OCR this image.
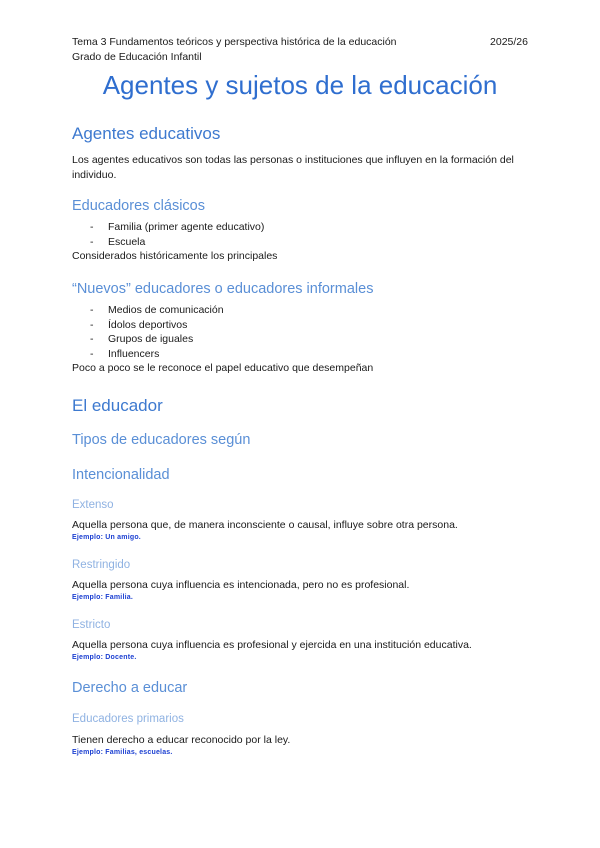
Tema 3 Fundamentos teóricos y perspectiva histórica de la educación
Grado de Educación Infantil
2025/26
Agentes y sujetos de la educación
Agentes educativos

Los agentes educativos son todas las personas o instituciones que influyen en la formación del individuo.

Educadores clásicos
- Familia (primer agente educativo)
- Escuela

Considerados históricamente los principales

“Nuevos” educadores o educadores informales
- Medios de comunicación
- Ídolos deportivos
- Grupos de iguales
- Influencers

Poco a poco se le reconoce el papel educativo que desempeñan

El educador
Tipos de educadores según
Intencionalidad
Extenso

Aquella persona que, de manera inconsciente o causal, influye sobre otra persona.

Ejemplo: Un amigo.

Restringido

Aquella persona cuya influencia es intencionada, pero no es profesional.

Ejemplo: Familia.

Estricto

Aquella persona cuya influencia es profesional y ejercida en una institución educativa.

Ejemplo: Docente.

Derecho a educar
Educadores primarios

Tienen derecho a educar reconocido por la ley.

Ejemplo: Familias, escuelas.
